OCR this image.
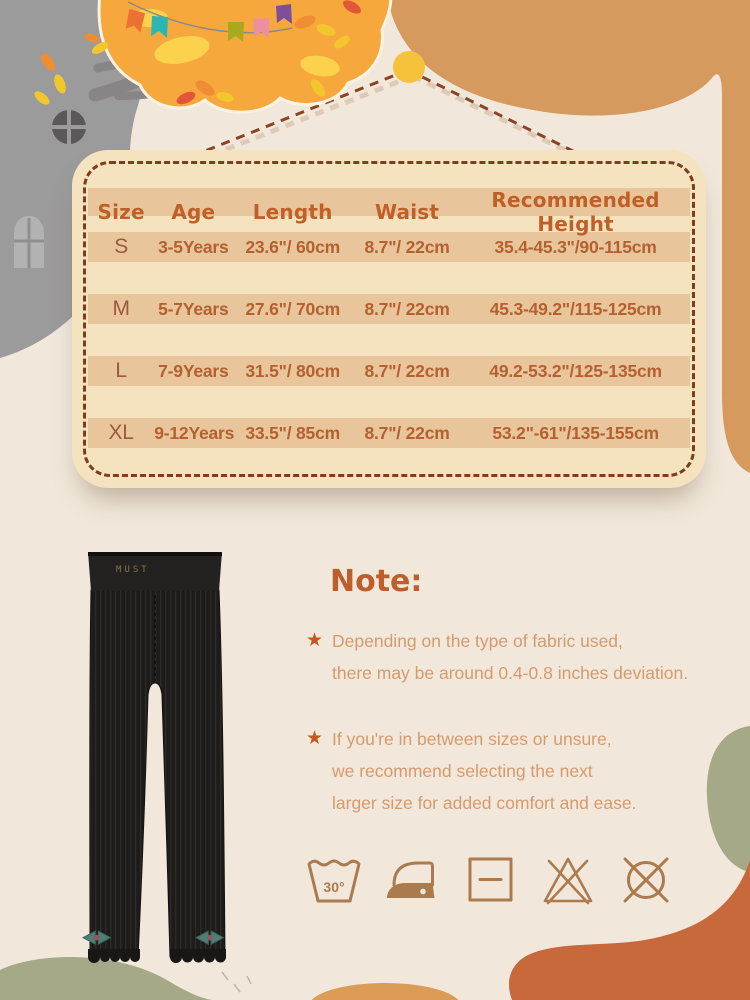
Size	Age	Length	Waist	Recommended Height
S	3-5Years 23.6"/ 60cm	8.7"/ 22cm	35.4-45.3"/90-115cm
M	5-7Years 27.6"/ 70cm	8.7"/ 22cm	45.3-49.2"/115-125cm
L	7-9Years 31.5"/ 80cm	8.7"/ 22cm	49.2-53.2"/125-135cm
XL	9-12Years 33.5"/ 85cm	8.7"/ 22cm	53.2"-61"/135-155cm
MUST	Note:
★ Depending on the type of fabric used,
there may be around 0.4-0.8 inches deviation.
★ If you're in between sizes or unsure,
we recommend selecting the next
larger size for added comfort and ease.
30°
